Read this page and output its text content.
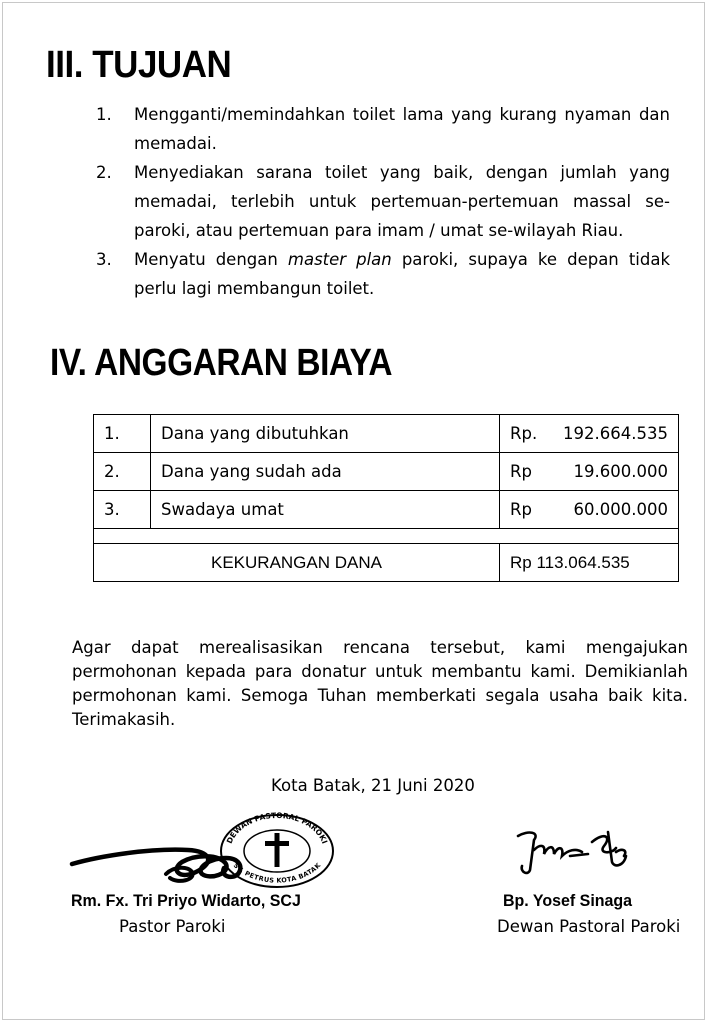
III. TUJUAN
1.	Mengganti/memindahkan toilet lama yang kurang nyaman dan memadai.
2.	Menyediakan sarana toilet yang baik, dengan jumlah yang memadai, terlebih untuk pertemuan-pertemuan massal se-paroki, atau pertemuan para imam / umat se-wilayah Riau.
3.	Menyatu dengan master plan paroki, supaya ke depan tidak perlu lagi membangun toilet.
IV. ANGGARAN BIAYA
1.	Dana yang dibutuhkan	Rp. 192.664.535

2.	Dana yang sudah ada	Rp 19.600.000

3.	Swadaya umat	Rp 60.000.000

KEKURANGAN DANA		Rp 113.064.535

Agar dapat merealisasikan rencana tersebut, kami mengajukan permohonan kepada para donatur untuk membantu kami. Demikianlah permohonan kami. Semoga Tuhan memberkati segala usaha baik kita. Terimakasih.

Kota Batak, 21 Juni 2020
DEWAN PASTORAL PAROKI
ST. PETRUS KOTA BATAK
Rm. Fx. Tri Priyo Widarto, SCJ
Pastor Paroki
Bp. Yosef Sinaga
Dewan Pastoral Paroki
